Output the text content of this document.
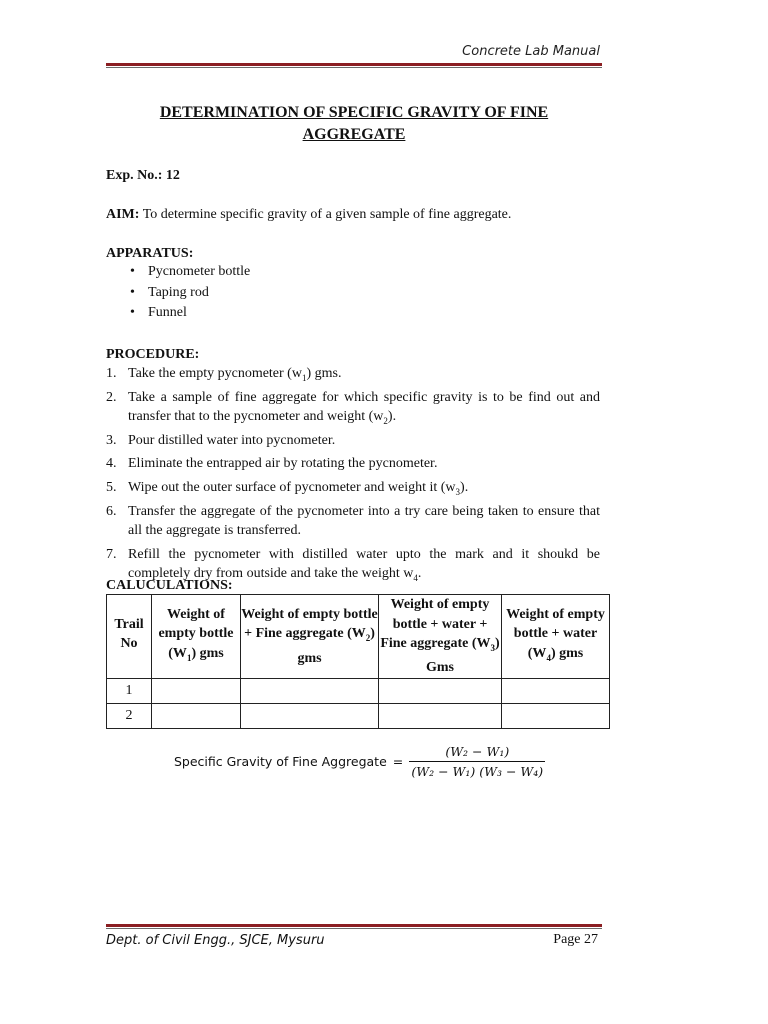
Concrete Lab Manual
DETERMINATION OF SPECIFIC GRAVITY OF FINE
AGGREGATE
Exp. No.: 12
AIM: To determine specific gravity of a given sample of fine aggregate.
APPARATUS:
• Pycnometer bottle
• Taping rod
• Funnel
PROCEDURE:
1. Take the empty pycnometer $(w_1)$ gms.
2. Take a sample of fine aggregate for which specific gravity is to be find out and transfer that to the pycnometer and weight $(w_2)$.
3. Pour distilled water into pycnometer.
4. Eliminate the entrapped air by rotating the pycnometer.
5. Wipe out the outer surface of pycnometer and weight it $(w_3)$.
6. Transfer the aggregate of the pycnometer into a try care being taken to ensure that all the aggregate is transferred.
7. Refill the pycnometer with distilled water upto the mark and it shoukd be completely dry from outside and take the weight $w_4$.
CALUCULATIONS:
Trail No	Weight of empty bottle $(W_1)$ gms	Weight of empty bottle + Fine aggregate $(W_2)$ gms	Weight of empty bottle + water + Fine aggregate $(W_3)$ Gms	Weight of empty bottle + water $(W_4)$ gms
1				
2				
Specific Gravity of Fine Aggregate = $\frac{\text{(W₂ − W₁)}}{\text{(W₂ − W₁) (W₃ − W₄)}}$
Dept. of Civil Engg., SJCE, Mysuru	Page 27
